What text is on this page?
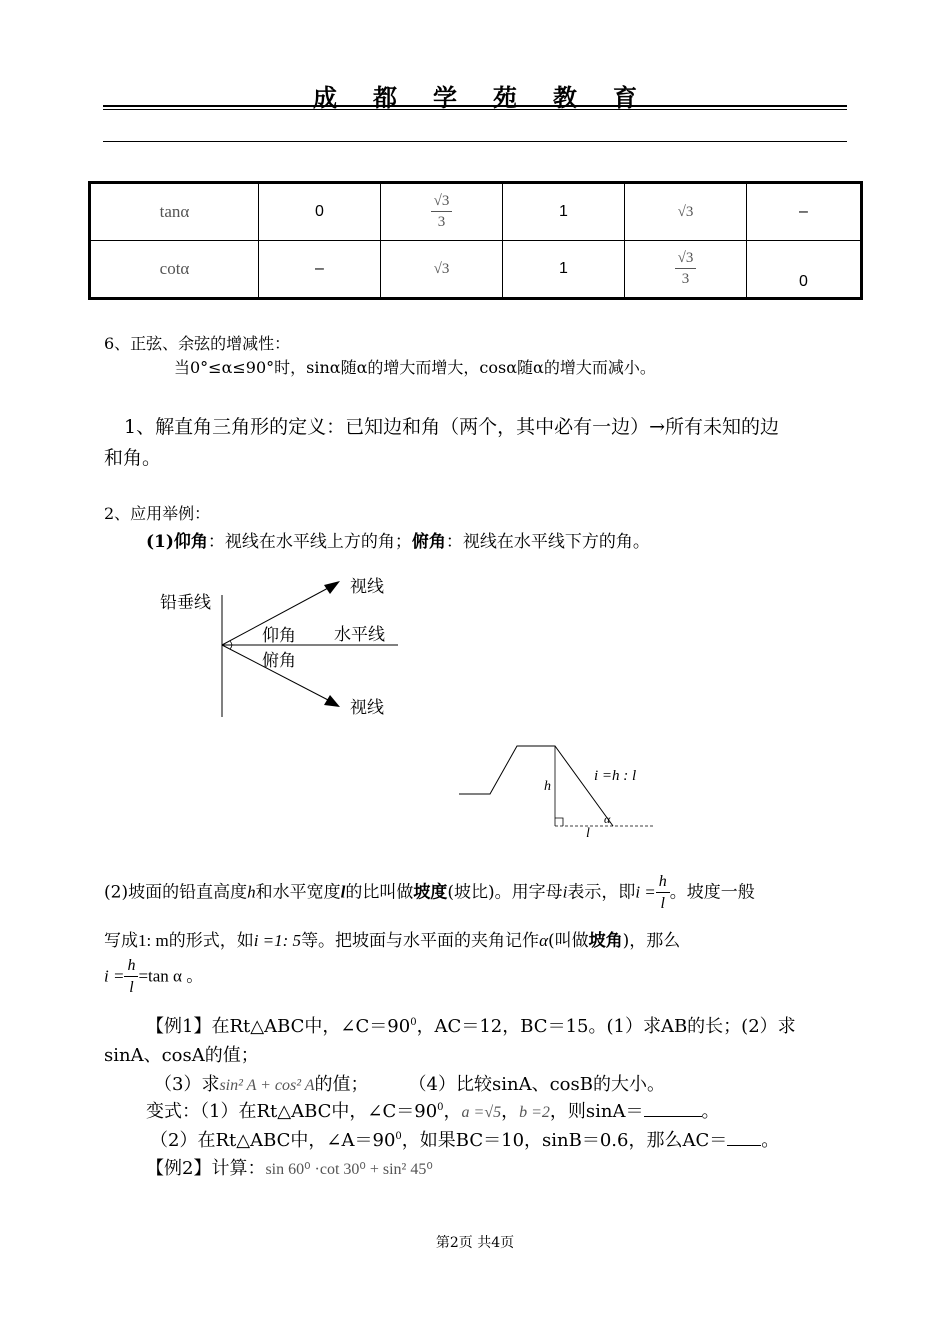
成都学苑教育
tanα	0	$\frac{√3}{3}$	1	√3	–
cotα	–	√3	1	$\frac{√3}{3}$	0
6、正弦、余弦的增减性：
当0°≤α≤90°时，sinα随α的增大而增大，cosα随α的增大而减小。
1、解直角三角形的定义：已知边和角（两个，其中必有一边）→所有未知的边
和角。
2、应用举例：
(1)仰角：视线在水平线上方的角；俯角：视线在水平线下方的角。
铅垂线
视线
仰角 水平线
俯角
视线
i =h : l
h
l
α
(2)坡面的铅直高度h和水平宽度l的比叫做坡度(坡比)。用字母i表示，即$i = \frac{h}{l}$ 。坡度一般
写成1: m的形式，如i =1: 5等。把坡面与水平面的夹角记作α(叫做坡角)，那么
$i = \frac{h}{l} =\tan$ α 。
【例1】在Rt△ABC中，$\angle C=90^0$，AC＝12，BC＝15。(1）求AB的长；(2）求
sinA、cosA的值；
（3）求sin² A + cos² A的值； （4）比较sinA、cosB的大小。
变式：（1）在Rt△ABC中，$\angle C=90^0$，a =√5，b =2，则sinA＝	。
（2）在Rt△ABC中，$\angle A=90^0$，如果BC＝10，sinB＝0.6，那么AC＝ 。
【例2】计算：sin 60⁰ ·cot 30⁰ + sin² 45⁰
第2页 共4页
